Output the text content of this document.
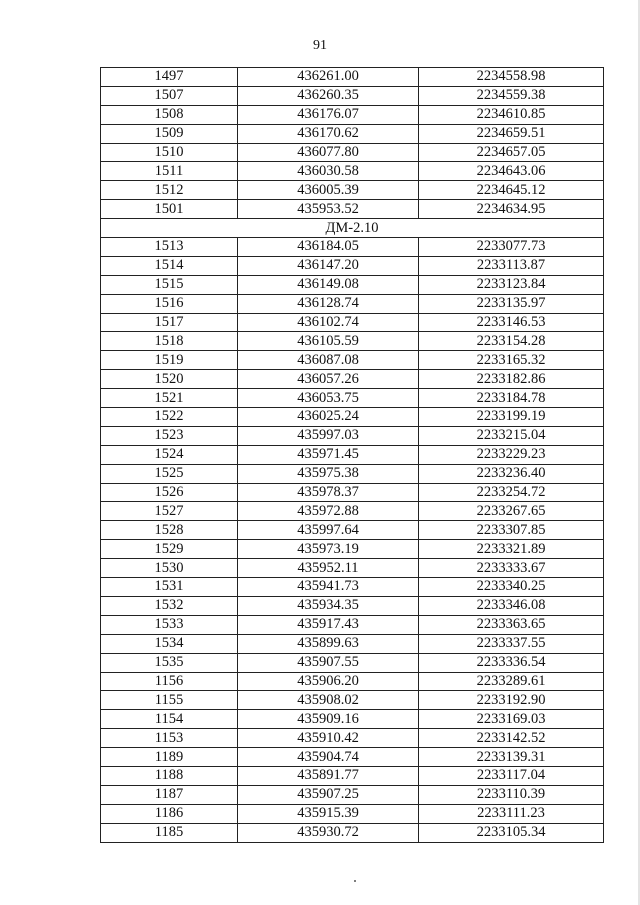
91
1497	436261.00	2234558.98
1507	436260.35	2234559.38
1508	436176.07	2234610.85
1509	436170.62	2234659.51
1510	436077.80	2234657.05
1511	436030.58	2234643.06
1512	436005.39	2234645.12
1501	435953.52	2234634.95
ДМ-2.10		
1513	436184.05	2233077.73
1514	436147.20	2233113.87
1515	436149.08	2233123.84
1516	436128.74	2233135.97
1517	436102.74	2233146.53
1518	436105.59	2233154.28
1519	436087.08	2233165.32
1520	436057.26	2233182.86
1521	436053.75	2233184.78
1522	436025.24	2233199.19
1523	435997.03	2233215.04
1524	435971.45	2233229.23
1525	435975.38	2233236.40
1526	435978.37	2233254.72
1527	435972.88	2233267.65
1528	435997.64	2233307.85
1529	435973.19	2233321.89
1530	435952.11	2233333.67
1531	435941.73	2233340.25
1532	435934.35	2233346.08
1533	435917.43	2233363.65
1534	435899.63	2233337.55
1535	435907.55	2233336.54
1156	435906.20	2233289.61
1155	435908.02	2233192.90
1154	435909.16	2233169.03
1153	435910.42	2233142.52
1189	435904.74	2233139.31
1188	435891.77	2233117.04
1187	435907.25	2233110.39
1186	435915.39	2233111.23
1185	435930.72	2233105.34
